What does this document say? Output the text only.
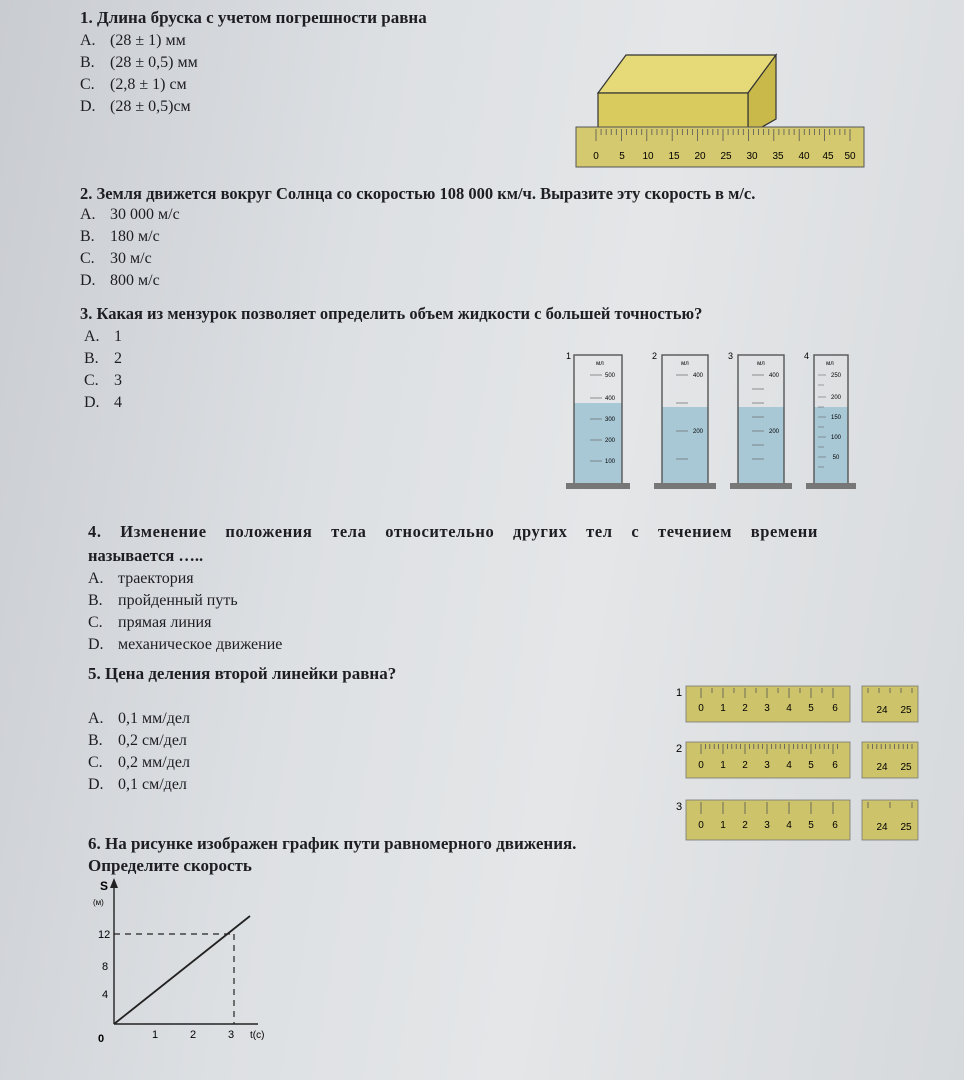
1. Длина бруска с учетом погрешности равна
A. (28 ± 1) мм
B. (28 ± 0,5) мм
C. (2,8 ± 1) см
D. (28 ± 0,5)см
0 5 10 15 20 25 30 35 40 45 50
2. Земля движется вокруг Солнца со скоростью 108 000 км/ч. Выразите эту скорость в м/с.
A. 30 000 м/с
B. 180 м/с
C. 30 м/с
D. 800 м/с
3. Какая из мензурок позволяет определить объем жидкости с большей точностью?
A. 1
B. 2
C. 3
D. 4
1
мл
500
400
300
200
100
2
мл
400
200
3
мл
400
200
4
мл
250
200
150
100
50
4. Изменение положения тела относительно других тел с течением времени
называется …..
A. траектория
B. пройденный путь
C. прямая линия
D. механическое движение
5. Цена деления второй линейки равна?
A. 0,1 мм/дел
B. 0,2 см/дел
C. 0,2 мм/дел
D. 0,1 см/дел
1
0 1 2 3 4 5 6	24 25
2
0 1 2 3 4 5 6	24 25
3
0 1 2 3 4 5 6	24 25
6. На рисунке изображен график пути равномерного движения.
Определите скорость
S
(м)
12
8
4
0	1	2	3 t(с)
